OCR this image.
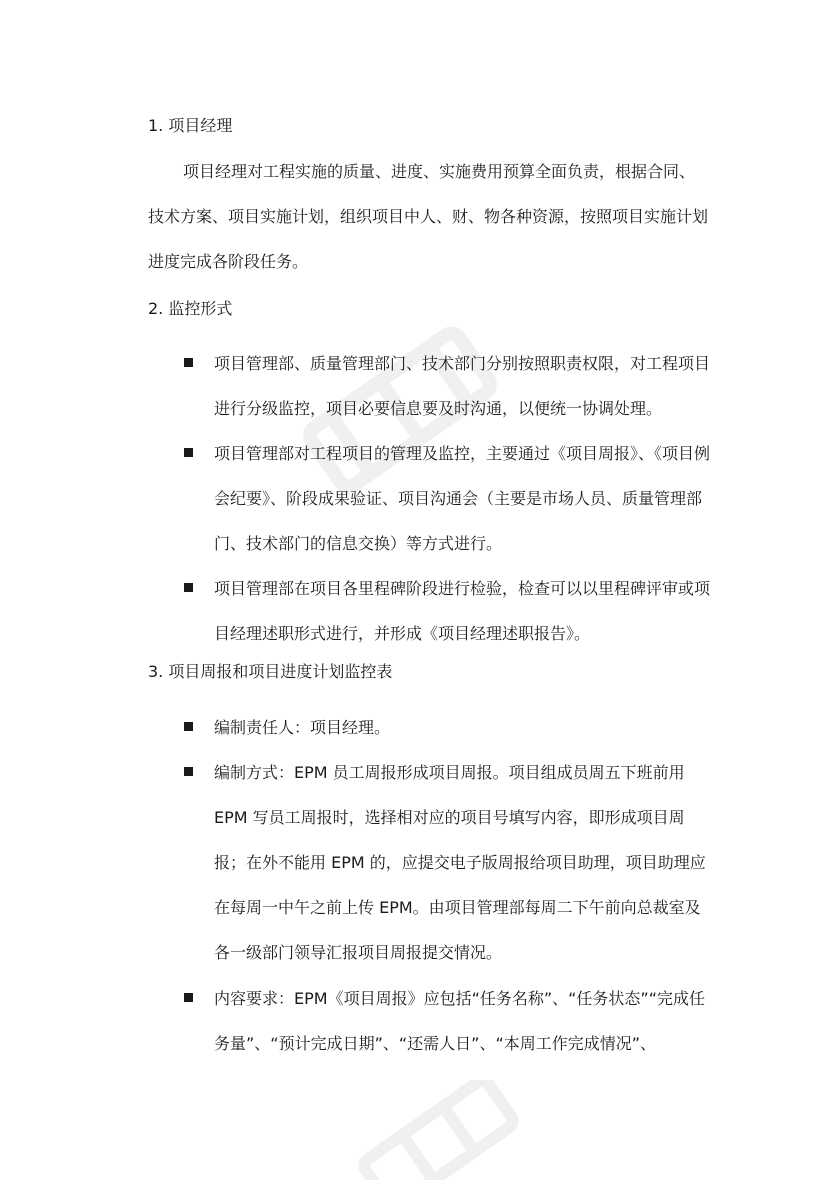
1. 项目经理
项目经理对工程实施的质量、进度、实施费用预算全面负责，根据合同、技术方案、项目实施计划，组织项目中人、财、物各种资源，按照项目实施计划进度完成各阶段任务。
2. 监控形式
项目管理部、质量管理部门、技术部门分别按照职责权限，对工程项目进行分级监控，项目必要信息要及时沟通，以便统一协调处理。
项目管理部对工程项目的管理及监控，主要通过《项目周报》、《项目例会纪要》、阶段成果验证、项目沟通会（主要是市场人员、质量管理部门、技术部门的信息交换）等方式进行。
项目管理部在项目各里程碑阶段进行检验，检查可以以里程碑评审或项目经理述职形式进行，并形成《项目经理述职报告》。
3. 项目周报和项目进度计划监控表
编制责任人：项目经理。
编制方式：EPM 员工周报形成项目周报。项目组成员周五下班前用EPM 写员工周报时，选择相对应的项目号填写内容，即形成项目周报；在外不能用 EPM 的，应提交电子版周报给项目助理，项目助理应在每周一中午之前上传 EPM。由项目管理部每周二下午前向总裁室及各一级部门领导汇报项目周报提交情况。
内容要求：EPM《项目周报》应包括“任务名称”、“任务状态”“完成任务量”、“预计完成日期”、“还需人日”、“本周工作完成情况”、
